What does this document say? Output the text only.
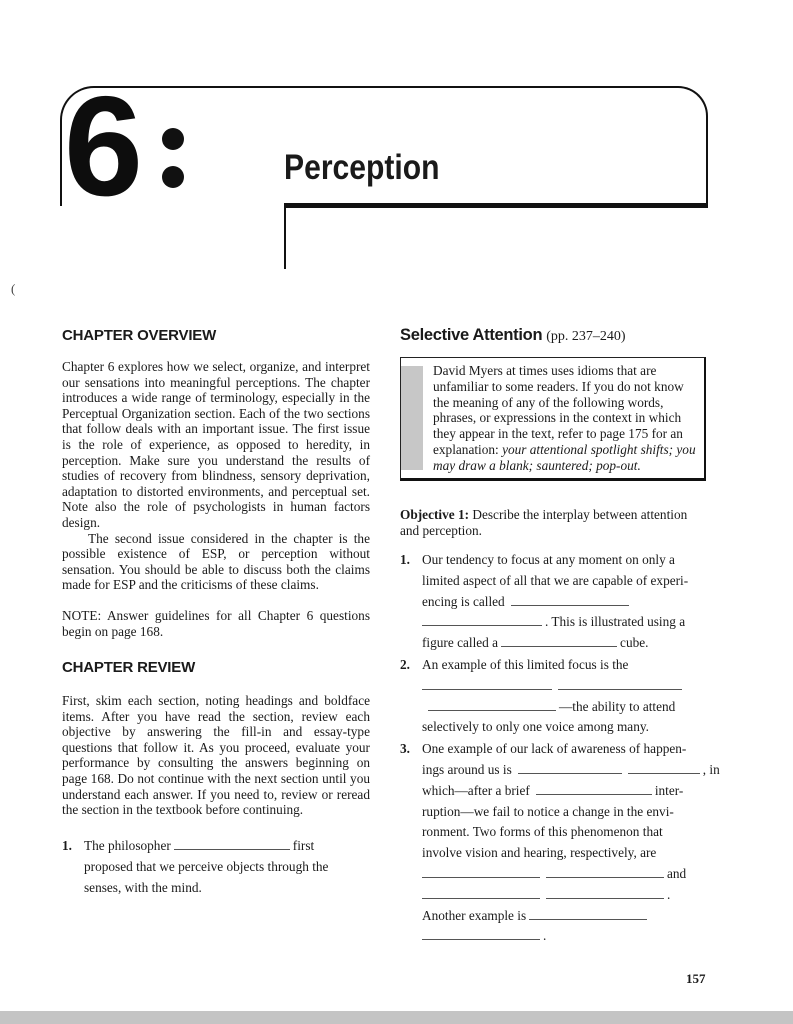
6	Perception
(
CHAPTER OVERVIEW

Chapter 6 explores how we select, organize, and interpret our sensations into meaningful perceptions. The chapter introduces a wide range of terminology, especially in the Perceptual Organization section. Each of the two sections that follow deals with an important issue. The first issue is the role of experience, as opposed to heredity, in perception. Make sure you understand the results of studies of recovery from blindness, sensory deprivation, adaptation to distorted environments, and perceptual set. Note also the role of psychologists in human factors design.

The second issue considered in the chapter is the possible existence of ESP, or perception without sensation. You should be able to discuss both the claims made for ESP and the criticisms of these claims.

NOTE: Answer guidelines for all Chapter 6 questions begin on page 168.
CHAPTER REVIEW
First, skim each section, noting headings and boldface items. After you have read the section, review each objective by answering the fill-in and essay-type questions that follow it. As you proceed, evaluate your performance by consulting the answers beginning on page 168. Do not continue with the next section until you understand each answer. If you need to, review or reread the section in the textbook before continuing.
1. The philosopher	first
proposed that we perceive objects through the
senses, with the mind.
Selective Attention (pp. 237–240)
David Myers at times uses idioms that are unfamiliar to some readers. If you do not know the meaning of any of the following words, phrases, or expressions in the context in which they appear in the text, refer to page 175 for an explanation: your attentional spotlight shifts; you may draw a blank; sauntered; pop-out.
Objective 1: Describe the interplay between attention and perception.
1. Our tendency to focus at any moment on only a
limited aspect of all that we are capable of experi-
encing is called
. This is illustrated using a
figure called a	cube.
2. An example of this limited focus is the
—the ability to attend
selectively to only one voice among many.
3. One example of our lack of awareness of happen-
ings around us is	, in
which—after a brief	inter-
ruption—we fail to notice a change in the envi-
ronment. Two forms of this phenomenon that
involve vision and hearing, respectively, are
and
.
Another example is
.
157
